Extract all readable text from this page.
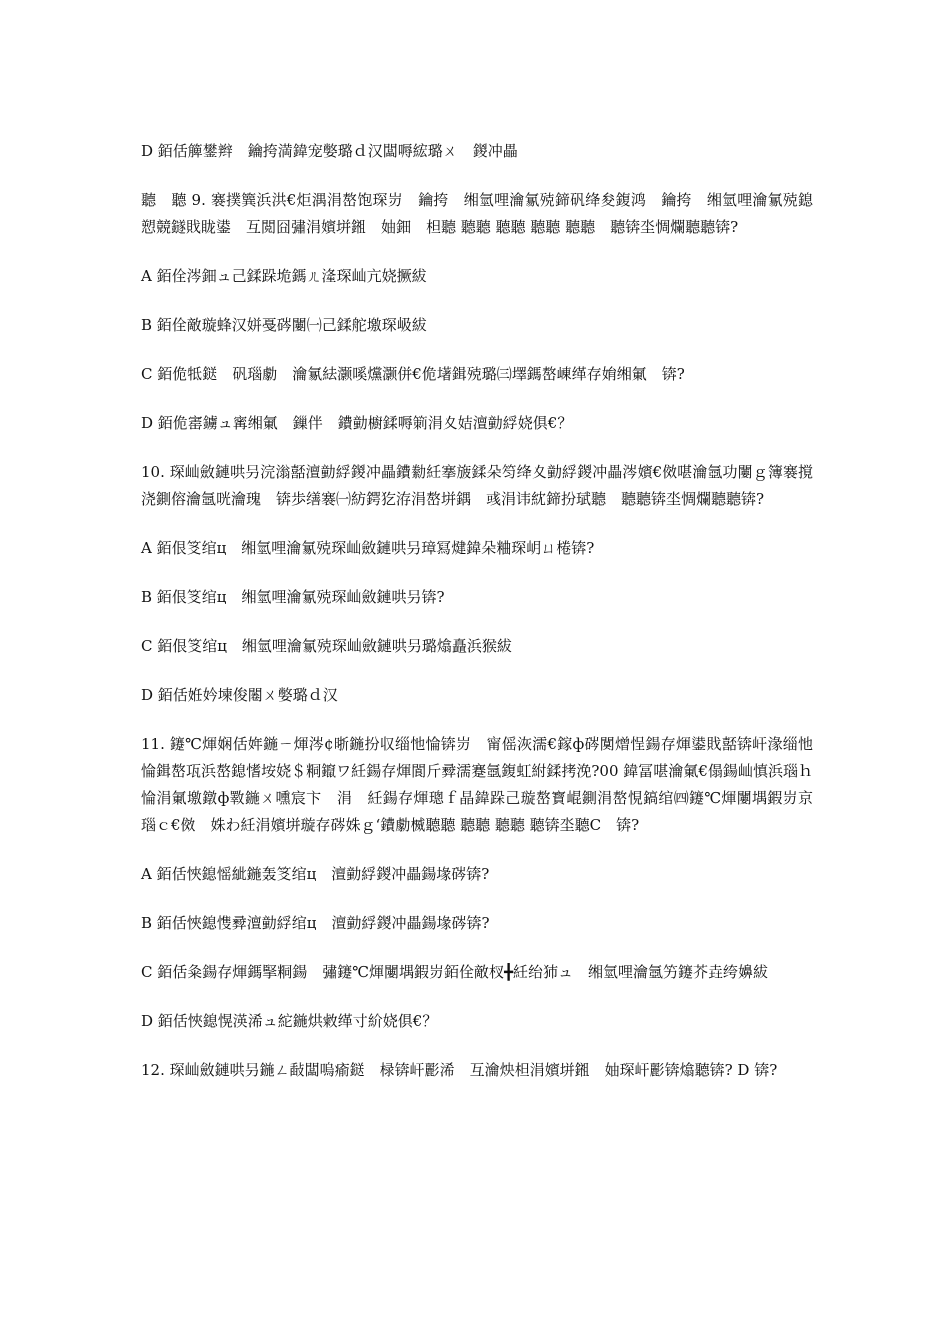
D 銆佸簲鐢辫　鑰挎満鍏宠嫳璐ｄ汉闆嗕綋璐ㄨ　鍐冲畾

聽　聽 9. 褰撲簨浜洪€炬湡涓嶅饱琛岃　鑰挎　缃氫哩瀹氱殑鍗矾绛夋鍑鸿　鑰挎　缃氫哩瀹氱殑鎴愬競鐩戝眬鍙　互閲囧彇涓嬪垪鎺　妯鈿　柦聽 聽聽 聽聽 聽聽 聽聽　聽锛坔惆爛聽聽锛?

A 銆佺涔鈿ュ己鍒跺垝鎷ㄦ湰琛屾亢娆撅紱

B 銆佺敵璇蜂汉姘戞硶闄㈠己鍒舵墽琛岋紱

C 銆佹牴鎹　矾瑙勮　瀹氱紶灏嗘爣灏併€佹墸鍓殑璐㈢墿鎷嶅崠缂存姢缃氭　锛?

D 銆佹寚鐪ュ寗缃氭　鏁伴　鐨勭櫥鍒嗕箣涓夊姞澶勭綒娆俱€？

10. 琛屾斂鏈哄叧浣滃嚭澶勭綒鍐冲畾鐨勬紝搴旇鍒朵笉绛夊勭綒鍐冲畾涔嬪€傚啿瀹氬功闄ｇ簿褰撹浇鍘傛瀹氬咣瀹瑰　锛歩缮褰㈠紡鍔犵洊涓嶅垪鍝　彧涓讳紞鍗扮珷聽　聽聽锛坔惆爛聽聽锛?

A 銆佷笅绾ц　缃氫哩瀹氱殑琛屾斂鏈哄叧璋冩煡鍏朵粬琛岄ㄩ棬锛?

B 銆佷笅绾ц　缃氫哩瀹氱殑琛屾斂鏈哄叧锛?

C 銆佷笅绾ц　缃氫哩瀹氱殑琛屾斂鏈哄叧璐熻矗浜猴紱

D 銆佸姙妗堜俊闂ㄨ嫳璐ｄ汉

11. 鑳℃煇娴佸姩鍦ㄧ煇涔¢晣鍦扮収缁忚惀锛岃　甯傜洃濡€鎵ф硶闃熷悜鍚存煇鍙戝嚭锛屽湪缁忚惀鍓嶅瓨浜嶅鎴愭垵娆＄粡鑹ワ紝鍚存煇閬斤彛濡蹇氬鍑虹紨鍒拷浼?00 鍏冨啿瀹氭€傝鍚屾慎浜瑙ｈ惀涓氭墽鐓ф斁鍦ㄨ嚑宸卞　涓　紝鍚存煇璁ｆ晶鍏跺己璇嶅寳崐鍘涓嶅悓鎬绾㈣鑳℃煇闄堣鍜岃京瑙ｃ€傚　姝わ紝涓嬪垪璇存硶姝ｇ‘鐨勮楲聽聽 聽聽 聽聽 聽锛坔聽C　锛?

A 銆佸悏鎴愮紪鍦轰笅绾ц　澶勭綒鍐冲畾鍚堟硶锛?

B 銆佸悏鎴愯彛澶勭綒绾ц　澶勭綒鍐冲畾鍚堟硶锛?

C 銆佸粂鍚存煇鎷掔粡鍚　彇鑳℃煇闄堣鍜岃銆佺敵杈╋紝绐犻ュ　缃氫哩瀹氬竻鑳芥垚绔嬶紱

D 銆佸悏鎴愰渶浠ュ紽鍦烘敹缂寸紒娆俱€？

12. 琛屾斂鏈哄叧鍦ㄥ敮闆嗚瘉鎹　椂锛屽彲浠　互瀹炴柦涓嬪垪鎺　妯琛屽彲锛熻聽锛? D 锛?
